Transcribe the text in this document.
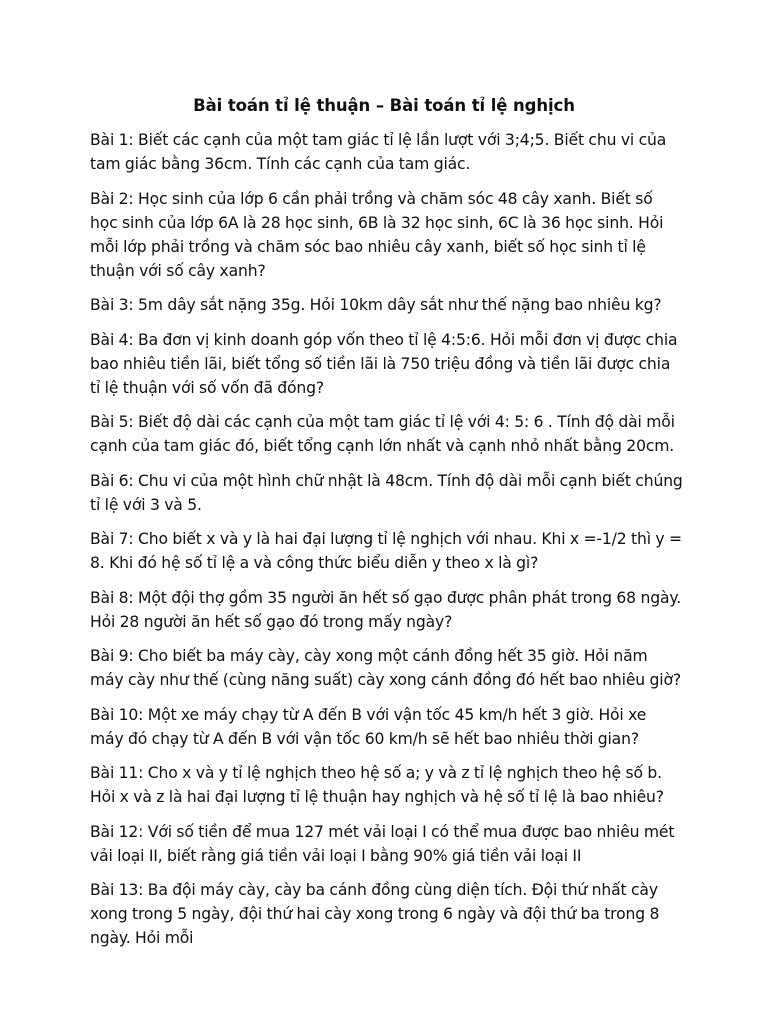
Bài toán tỉ lệ thuận – Bài toán tỉ lệ nghịch
Bài 1: Biết các cạnh của một tam giác tỉ lệ lần lượt với 3;4;5. Biết chu vi của tam giác bằng 36cm. Tính các cạnh của tam giác.
Bài 2: Học sinh của lớp 6 cần phải trồng và chăm sóc 48 cây xanh. Biết số học sinh của lớp 6A là 28 học sinh, 6B là 32 học sinh, 6C là 36 học sinh. Hỏi mỗi lớp phải trồng và chăm sóc bao nhiêu cây xanh, biết số học sinh tỉ lệ thuận với số cây xanh?
Bài 3: 5m dây sắt nặng 35g. Hỏi 10km dây sắt như thế nặng bao nhiêu kg?
Bài 4: Ba đơn vị kinh doanh góp vốn theo tỉ lệ 4:5:6. Hỏi mỗi đơn vị được chia bao nhiêu tiền lãi, biết tổng số tiền lãi là 750 triệu đồng và tiền lãi được chia tỉ lệ thuận với số vốn đã đóng?
Bài 5: Biết độ dài các cạnh của một tam giác tỉ lệ với 4: 5: 6 . Tính độ dài mỗi cạnh của tam giác đó, biết tổng cạnh lớn nhất và cạnh nhỏ nhất bằng 20cm.
Bài 6: Chu vi của một hình chữ nhật là 48cm. Tính độ dài mỗi cạnh biết chúng tỉ lệ với 3 và 5.
Bài 7: Cho biết x và y là hai đại lượng tỉ lệ nghịch với nhau. Khi x =-1/2 thì y = 8. Khi đó hệ số tỉ lệ a và công thức biểu diễn y theo x là gì?
Bài 8: Một đội thợ gồm 35 người ăn hết số gạo được phân phát trong 68 ngày. Hỏi 28 người ăn hết số gạo đó trong mấy ngày?
Bài 9: Cho biết ba máy cày, cày xong một cánh đồng hết 35 giờ. Hỏi năm máy cày như thế (cùng năng suất) cày xong cánh đồng đó hết bao nhiêu giờ?
Bài 10: Một xe máy chạy từ A đến B với vận tốc 45 km/h hết 3 giờ. Hỏi xe máy đó chạy từ A đến B với vận tốc 60 km/h sẽ hết bao nhiêu thời gian?
Bài 11: Cho x và y tỉ lệ nghịch theo hệ số a; y và z tỉ lệ nghịch theo hệ số b. Hỏi x và z là hai đại lượng tỉ lệ thuận hay nghịch và hệ số tỉ lệ là bao nhiêu?
Bài 12: Với số tiền để mua 127 mét vải loại I có thể mua được bao nhiêu mét vải loại II, biết rằng giá tiền vải loại I bằng 90% giá tiền vải loại II
Bài 13: Ba đội máy cày, cày ba cánh đồng cùng diện tích. Đội thứ nhất cày xong trong 5 ngày, đội thứ hai cày xong trong 6 ngày và đội thứ ba trong 8 ngày. Hỏi mỗi
